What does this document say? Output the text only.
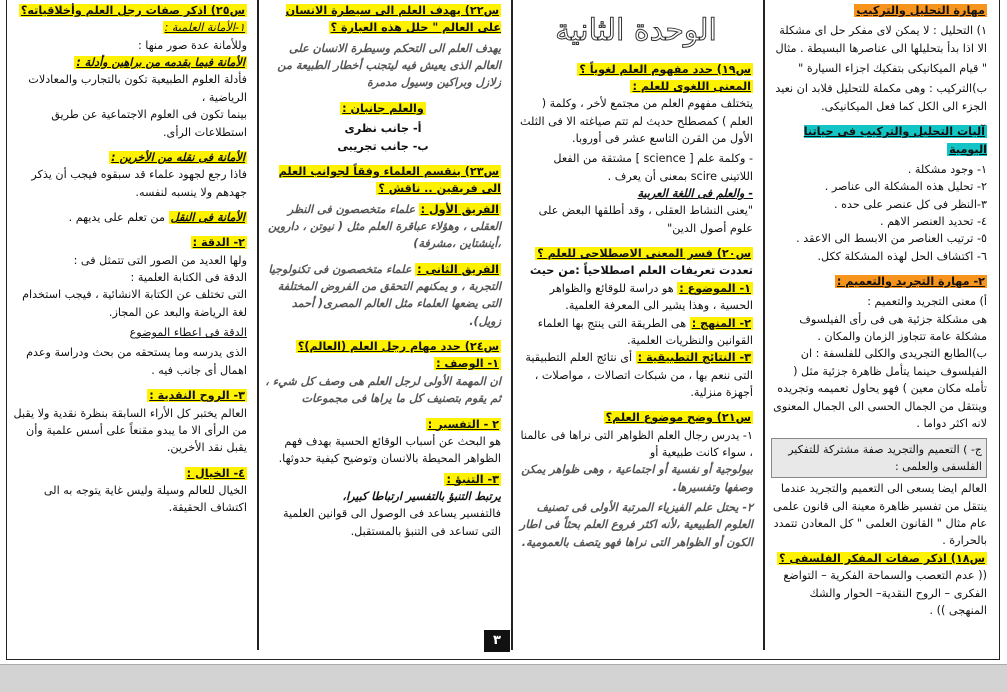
مهارة التحليل والتركيب

١) التحليل : لا يمكن لاى مفكر حل اى مشكلة الا اذا بدأ بتحليلها الى عناصرها البسيطة . مثال

" قيام الميكانيكى بتفكيك اجزاء السيارة "

ب)التركيب : وهى مكملة للتحليل فلابد ان نعيد الجزء الى الكل كما فعل الميكانيكى.

آليات التحليل والتركيب فى حياتنا اليومية

١- وجود مشكلة .

٢- تحليل هذه المشكلة الى عناصر .

٣-النظر فى كل عنصر على حده .

٤- تحديد العنصر الاهم .

٥- ترتيب العناصر من الابسط الى الاعقد .

٦- اكتشاف الحل لهذه المشكلة ككل.

٢- مهارة التجريد والتعميم :

أ) معنى التجريد والتعميم :

هى مشكلة جزئية هى فى رأى الفيلسوف مشكلة عامة تتجاوز الزمان والمكان .

ب)الطابع التجريدى والكلى للفلسفة : ان الفيلسوف حينما يتأمل ظاهرة جزئية مثل ( تأمله مكان معين ) فهو يحاول تعميمه وتجريده وينتقل من الجمال الحسى الى الجمال المعنوى لانه اكثر دواما .

ج- ) التعميم والتجريد صفة مشتركة للتفكير الفلسفى والعلمى :

العالم ايضا يسعى الى التعميم والتجريد عندما ينتقل من تفسير ظاهرة معينة الى قانون علمى عام مثال " القانون العلمى " كل المعادن تتمدد بالحرارة .

س١٨) اذكر صفات المفكر الفلسفى ؟

(( عدم التعصب والسماحة الفكرية – التواضع الفكرى – الروح النقدية– الحوار والشك المنهجى )) .

الوحدة الثانية

س١٩) حدد مفهوم العلم لغوياً ؟

المعنى اللغوى للعلم :

يتختلف مفهوم العلم من مجتمع لأخر ، وكلمة ( العلم ) كمصطلح حديث لم تتم صياغته الا فى الثلث الأول من القرن التاسع عشر فى أوروبا.

- وكلمة علم [ science ] مشتقة من الفعل اللاتينى scire بمعنى أن يعرف .

- والعلم فى اللغة العربية

"يعنى النشاط العقلى ، وقد أطلقها البعض على علوم أصول الدين"

س٢٠) فسر المعنى الاصطلاحى للعلم ؟

تعددت تعريفات العلم اصطلاحياً :من حيث

١- الموضوع : هو دراسة للوقائع والظواهر الحسية ، وهذا يشير الى المعرفة العلمية.

٢- المنهج : هى الطريقة التى ينتج بها العلماء القوانين والنظريات العلمية.

٣- النتائج التطبيقية : أى نتائج العلم التطبيقية التى ننعم بها ، من شبكات اتصالات ، مواصلات ، أجهزة منزلية.

س٢١) وضح موضوع العلم؟

١- يدرس رجال العلم الظواهر التى نراها فى عالمنا ، سواء كانت طبيعية أو

بيولوجية أو نفسية أو اجتماعية ، وهى ظواهر يمكن وصفها وتفسيرها.

٢- يحتل علم الفيزياء المرتبة الأولى فى تصنيف العلوم الطبيعية ،لأنه اكثر فروع العلم بحثاً فى اطار الكون أو الظواهر التى نراها فهو يتصف بالعمومية.

س٢٢) يهدف العلم الى سيطرة الانسان على العالم " حلل هذه العبارة ؟

يهدف العلم الى التحكم وسيطرة الانسان على العالم الذى يعيش فيه ليتجنب أخطار الطبيعة من زلازل وبراكين وسيول مدمرة

والعلم جانبان :

أ- جانب نظرى

ب- جانب تجريبى

س٢٣) ينقسم العلماء وفقاً لجوانب العلم الى فريقين .. ناقش ؟

الفريق الأول : علماء متخصصون فى النظر العقلى ، وهؤلاء عباقرة العلم مثل ( نيوتن ، داروين ،أينشتاين ،مشرفة)

الفريق الثانى : علماء متخصصون فى تكنولوجيا التجربة ، و يمكنهم التحقق من الفروض المختلفة التى يضعها العلماء مثل العالم المصرى( أحمد زويل).

س٢٤) حدد مهام رجل العلم (العالم)؟

١- الوصف :

ان المهمة الأولى لرجل العلم هى وصف كل شيء ،

ثم يقوم بتصنيف كل ما يراها فى مجموعات

٢ - التفسير :

هو البحث عن أسباب الوقائع الحسية بهدف فهم الظواهر المحيطة بالانسان وتوضيح كيفية حدوثها.

٣- التنبؤ :

يرتبط التنبؤ بالتفسير ارتباطا كبيرا،

فالتفسير يساعد فى الوصول الى قوانين العلمية التى تساعد فى التنبؤ بالمستقبل.

س٢٥) اذكر صفات رجل العلم وأخلاقياته؟

١-الأمانة العلمية :

وللأمانة عدة صور منها :

الأمانة فيما يقدمه من براهين وأدلة :

فأدلة العلوم الطبيعية تكون بالتجارب والمعادلات الرياضية ،

بينما تكون فى العلوم الاجتماعية عن طريق استطلاعات الرأى.

الأمانة فى نقله من الأخرين :

فاذا رجع لجهود علماء قد سبقوه فيجب أن يذكر جهدهم ولا ينسبه لنفسه.

الأمانة فى النقل من تعلم على يديهم .

٢- الدقة :

ولها العديد من الصور التى تتمثل فى :

الدقة فى الكتابة العلمية :

التى تختلف عن الكتابة الانشائية ، فيجب استخدام لغة الرياضة والبعد عن المجاز.

الدقة فى اعطاء الموضوع

الذى يدرسه وما يستحقه من بحث ودراسة وعدم اهمال أى جانب فيه .

٣- الروح النقدية :

العالم يختبر كل الأراء السابقة بنظرة نقدية ولا يقبل من الرأى الا ما يبدو مقنعاً على أسس علمية وأن يقبل نقد الأخرين.

٤- الخيال :

الخيال للعالم وسيلة وليس غاية يتوجه به الى اكتشاف الحقيقة.

٣
